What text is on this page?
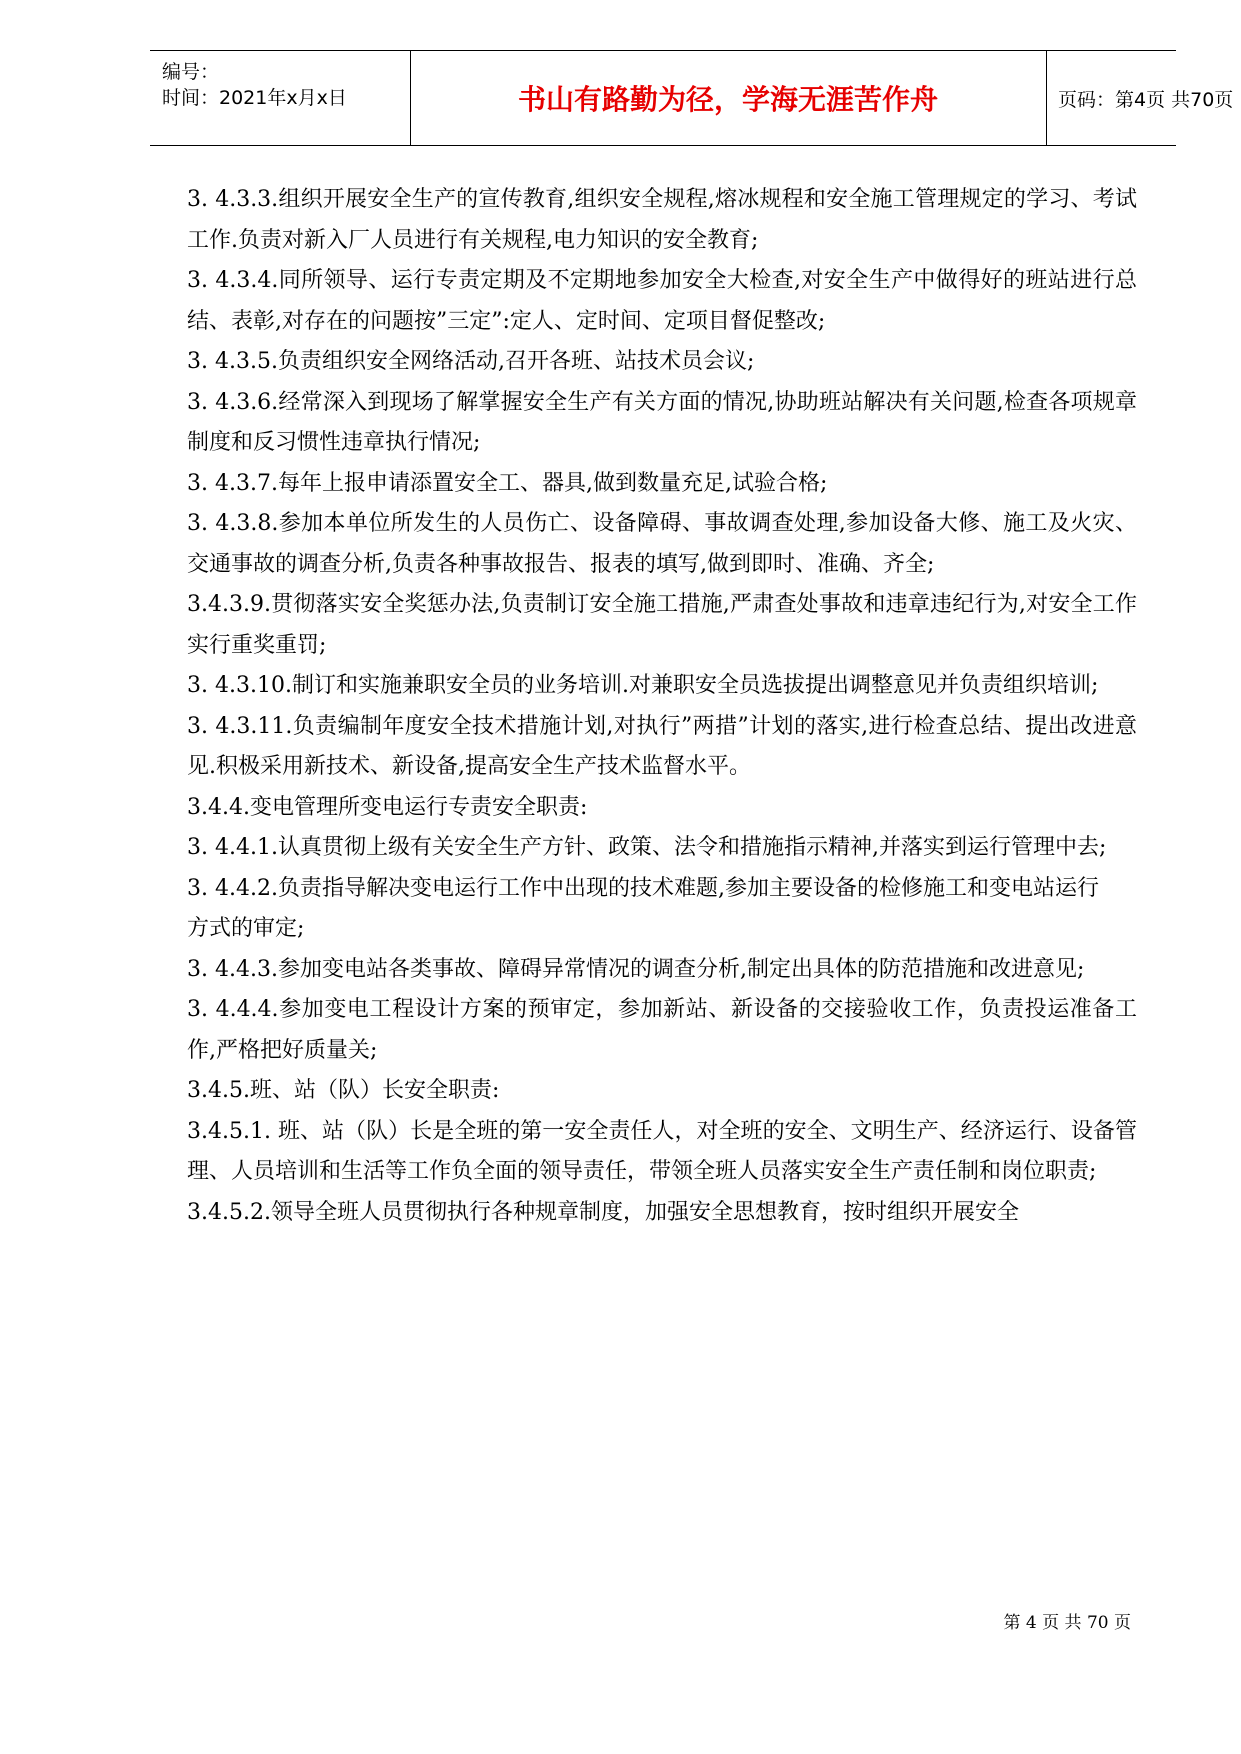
编号：
时间：2021年x月x日	书山有路勤为径，学海无涯苦作舟	页码：第4页 共70页

3. 4.3.3.组织开展安全生产的宣传教育,组织安全规程,熔冰规程和安全施工管理规定的学习、考试工作.负责对新入厂人员进行有关规程,电力知识的安全教育;

3. 4.3.4.同所领导、运行专责定期及不定期地参加安全大检查,对安全生产中做得好的班站进行总结、表彰,对存在的问题按”三定”:定人、定时间、定项目督促整改;

3. 4.3.5.负责组织安全网络活动,召开各班、站技术员会议;

3. 4.3.6.经常深入到现场了解掌握安全生产有关方面的情况,协助班站解决有关问题,检查各项规章制度和反习惯性违章执行情况;

3. 4.3.7.每年上报申请添置安全工、器具,做到数量充足,试验合格;

3. 4.3.8.参加本单位所发生的人员伤亡、设备障碍、事故调查处理,参加设备大修、施工及火灾、交通事故的调查分析,负责各种事故报告、报表的填写,做到即时、准确、齐全;

3.4.3.9.贯彻落实安全奖惩办法,负责制订安全施工措施,严肃查处事故和违章违纪行为,对安全工作实行重奖重罚;

3. 4.3.10.制订和实施兼职安全员的业务培训.对兼职安全员选拔提出调整意见并负责组织培训;

3. 4.3.11.负责编制年度安全技术措施计划,对执行”两措”计划的落实,进行检查总结、提出改进意见.积极采用新技术、新设备,提高安全生产技术监督水平。

3.4.4.变电管理所变电运行专责安全职责:

3. 4.4.1.认真贯彻上级有关安全生产方针、政策、法令和措施指示精神,并落实到运行管理中去;

3. 4.4.2.负责指导解决变电运行工作中出现的技术难题,参加主要设备的检修施工和变电站运行

方式的审定;

3. 4.4.3.参加变电站各类事故、障碍异常情况的调查分析,制定出具体的防范措施和改进意见;

3. 4.4.4.参加变电工程设计方案的预审定，参加新站、新设备的交接验收工作，负责投运准备工作,严格把好质量关;

3.4.5.班、站（队）长安全职责:

3.4.5.1. 班、站（队）长是全班的第一安全责任人，对全班的安全、文明生产、经济运行、设备管理、人员培训和生活等工作负全面的领导责任，带领全班人员落实安全生产责任制和岗位职责;

3.4.5.2.领导全班人员贯彻执行各种规章制度，加强安全思想教育，按时组织开展安全

第 4 页 共 70 页
